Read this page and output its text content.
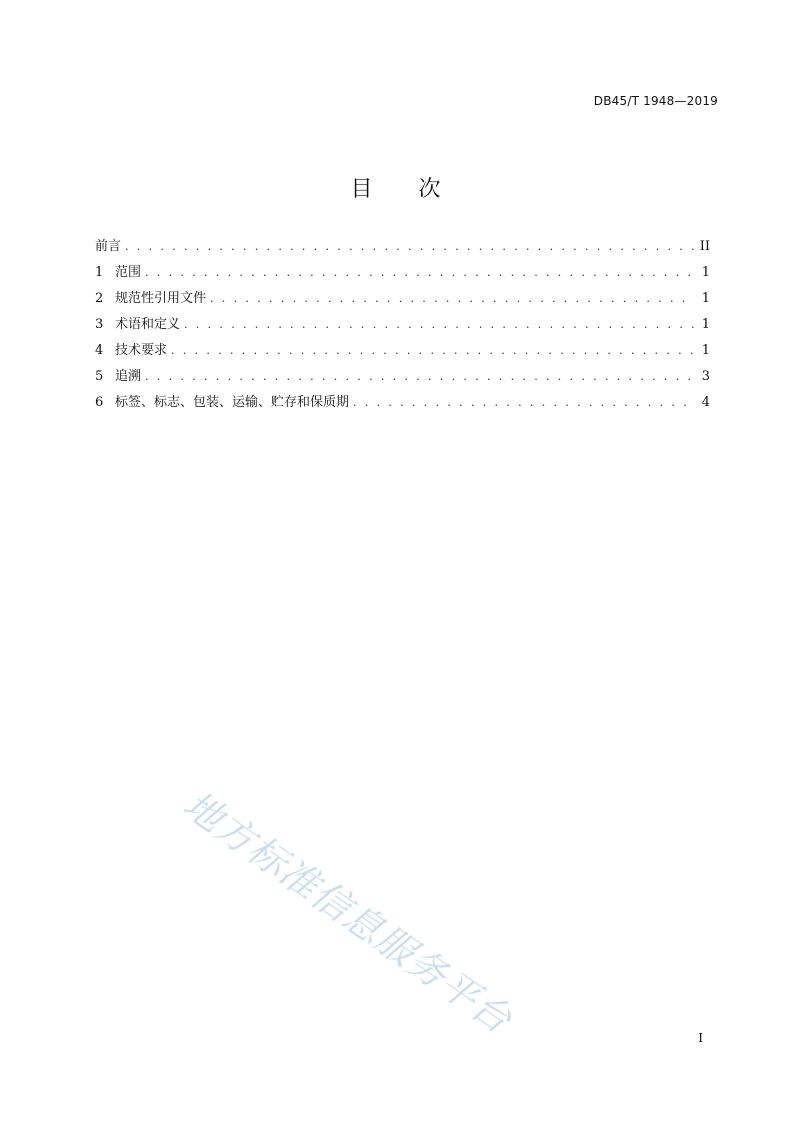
DB45/T 1948—2019
目 次
前言 . . .	II
1 范围 . . .	1
2 规范性引用文件 . . .	1
3 术语和定义 . . .	1
4 技术要求 . . .	1
5 追溯 . . .	3
6 标签、标志、包装、运输、贮存和保质期 . . .	4
地方标准信息服务平台	I
